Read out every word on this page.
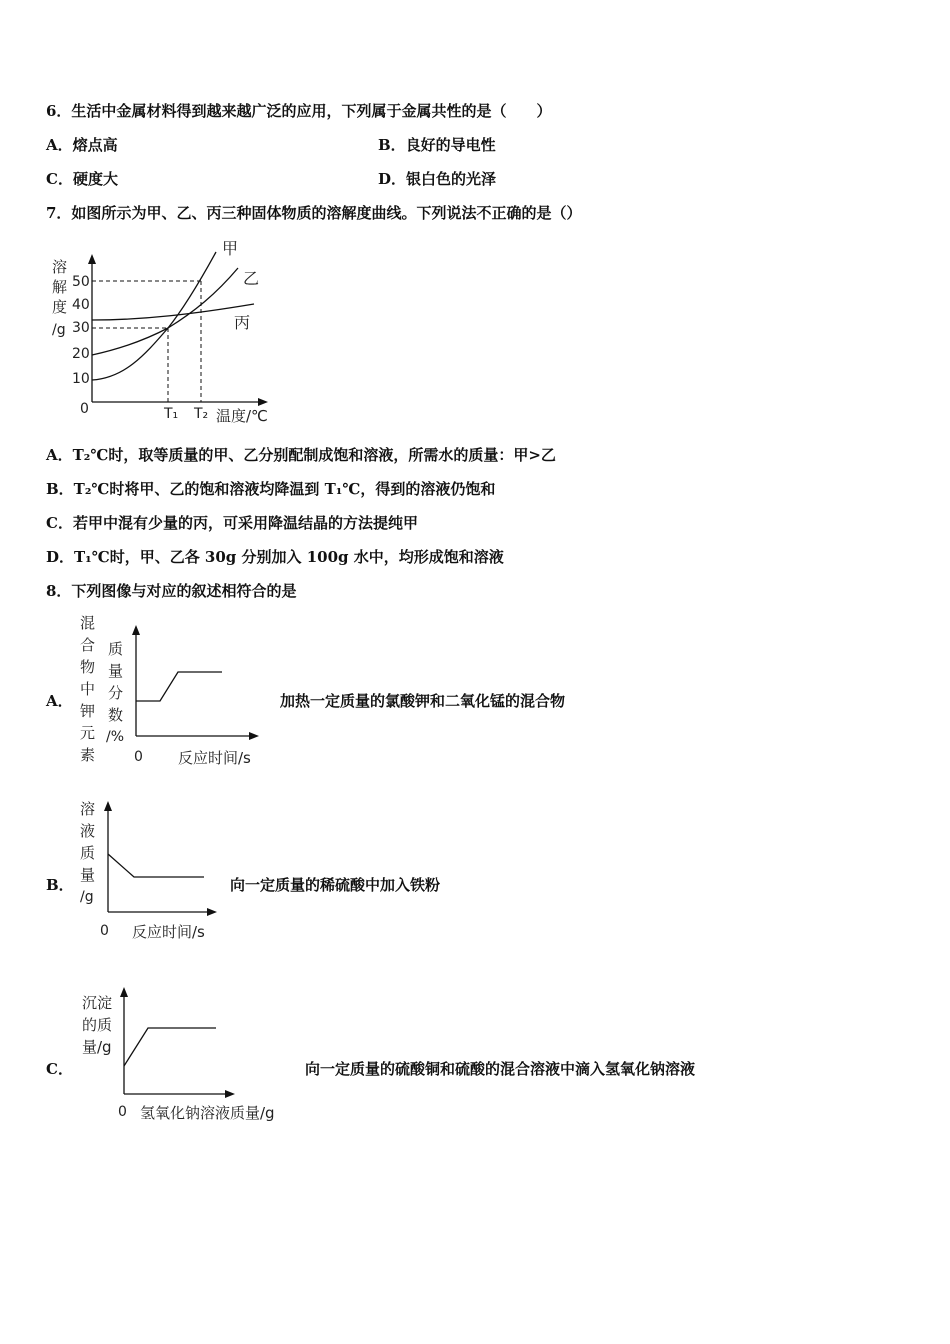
6．生活中金属材料得到越来越广泛的应用，下列属于金属共性的是（　　）
A．熔点高	B．良好的导电性
C．硬度大	D．银白色的光泽
7．如图所示为甲、乙、丙三种固体物质的溶解度曲线。下列说法不正确的是（）
溶
解
度
/g
50
40
30
20
10
0
甲
乙
丙
T₁ T₂ 温度/℃
A．T₂℃时，取等质量的甲、乙分别配制成饱和溶液，所需水的质量：甲>乙
B．T₂℃时将甲、乙的饱和溶液均降温到 T₁℃，得到的溶液仍饱和
C．若甲中混有少量的丙，可采用降温结晶的方法提纯甲
D．T₁℃时，甲、乙各 30g 分别加入 100g 水中，均形成饱和溶液
8．下列图像与对应的叙述相符合的是
A．
混
合
物
中
钾
元
素
质
量
分
数
/%
0 反应时间/s
加热一定质量的氯酸钾和二氧化锰的混合物
B．
溶
液
质
量
/g
0 反应时间/s
向一定质量的稀硫酸中加入铁粉
C．
沉淀
的质
量/g
0 氢氧化钠溶液质量/g
向一定质量的硫酸铜和硫酸的混合溶液中滴入氢氧化钠溶液
